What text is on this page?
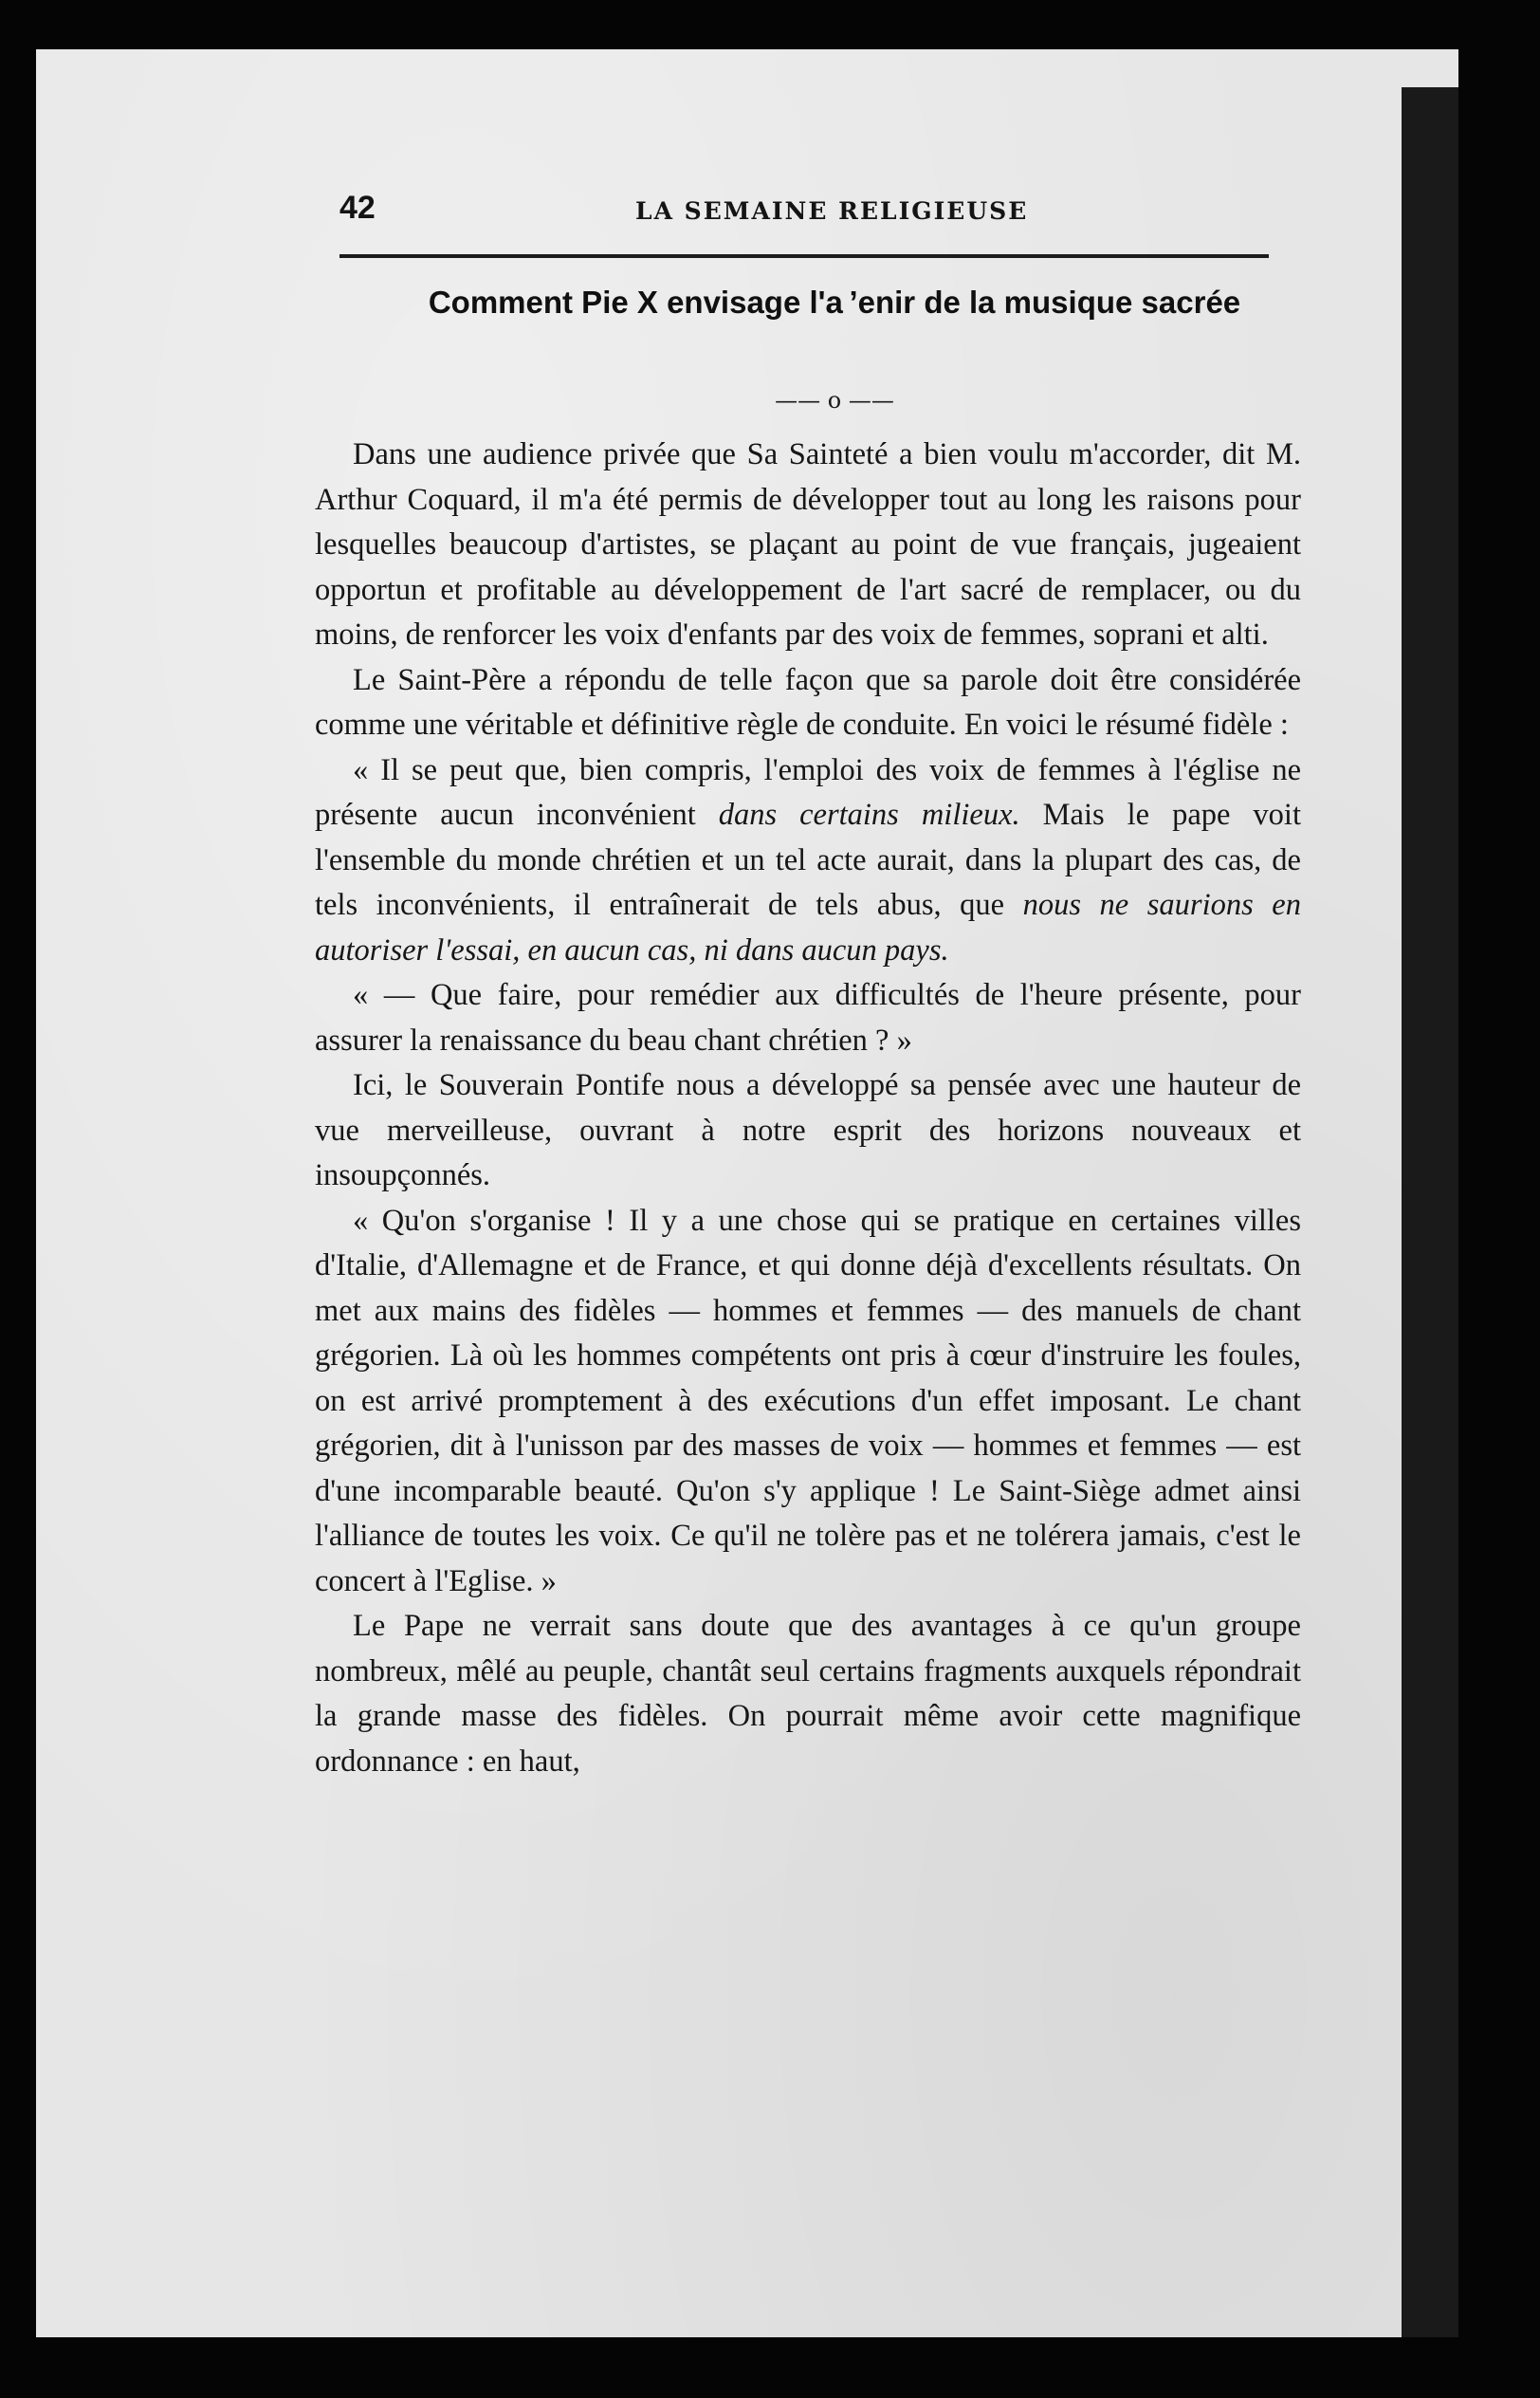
42	LA SEMAINE RELIGIEUSE
Comment Pie X envisage l'a ’enir de la musique sacrée
—— o ——

Dans une audience privée que Sa Sainteté a bien voulu m'accorder, dit M. Arthur Coquard, il m'a été permis de développer tout au long les raisons pour lesquelles beaucoup d'artistes, se plaçant au point de vue français, jugeaient opportun et profitable au développement de l'art sacré de remplacer, ou du moins, de renforcer les voix d'enfants par des voix de femmes, soprani et alti.

Le Saint-Père a répondu de telle façon que sa parole doit être considérée comme une véritable et définitive règle de conduite. En voici le résumé fidèle :

« Il se peut que, bien compris, l'emploi des voix de femmes à l'église ne présente aucun inconvénient dans certains milieux. Mais le pape voit l'ensemble du monde chrétien et un tel acte aurait, dans la plupart des cas, de tels inconvénients, il entraînerait de tels abus, que nous ne saurions en autoriser l'essai, en aucun cas, ni dans aucun pays.

« — Que faire, pour remédier aux difficultés de l'heure présente, pour assurer la renaissance du beau chant chrétien ? »

Ici, le Souverain Pontife nous a développé sa pensée avec une hauteur de vue merveilleuse, ouvrant à notre esprit des horizons nouveaux et insoupçonnés.

« Qu'on s'organise ! Il y a une chose qui se pratique en certaines villes d'Italie, d'Allemagne et de France, et qui donne déjà d'excellents résultats. On met aux mains des fidèles — hommes et femmes — des manuels de chant grégorien. Là où les hommes compétents ont pris à cœur d'instruire les foules, on est arrivé promptement à des exécutions d'un effet imposant. Le chant grégorien, dit à l'unisson par des masses de voix — hommes et femmes — est d'une incomparable beauté. Qu'on s'y applique ! Le Saint-Siège admet ainsi l'alliance de toutes les voix. Ce qu'il ne tolère pas et ne tolérera jamais, c'est le concert à l'Eglise. »

Le Pape ne verrait sans doute que des avantages à ce qu'un groupe nombreux, mêlé au peuple, chantât seul certains fragments auxquels répondrait la grande masse des fidèles. On pourrait même avoir cette magnifique ordonnance : en haut,
